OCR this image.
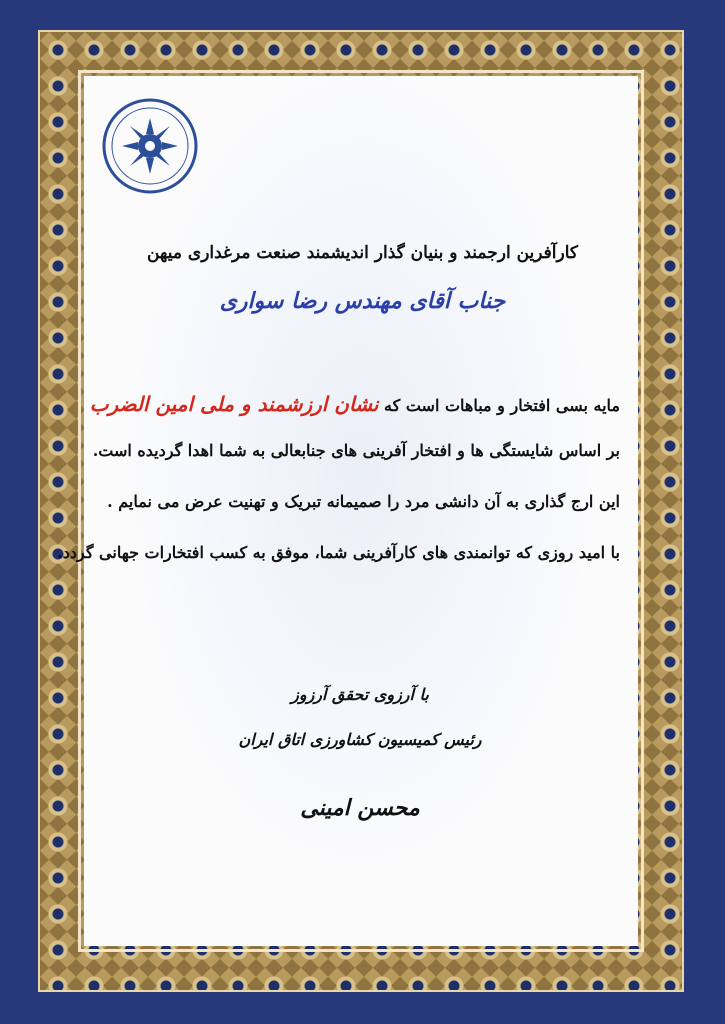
کارآفرین ارجمند و بنیان گذار اندیشمند صنعت مرغداری میهن
جناب آقای مهندس رضا سواری
مایه بسی افتخار و مباهات است که نشان ارزشمند و ملی امین الضرب
بر اساس شایستگی ها و افتخار آفرینی های جنابعالی به شما اهدا گردیده است.
این ارج گذاری به آن دانشی مرد را صمیمانه تبریک و تهنیت عرض می نمایم .
با امید روزی که توانمندی های کارآفرینی شما، موفق به کسب افتخارات جهانی گردد.
با آرزوی تحقق آرزوز
رئیس کمیسیون کشاورزی اتاق ایران
محسن امینی
